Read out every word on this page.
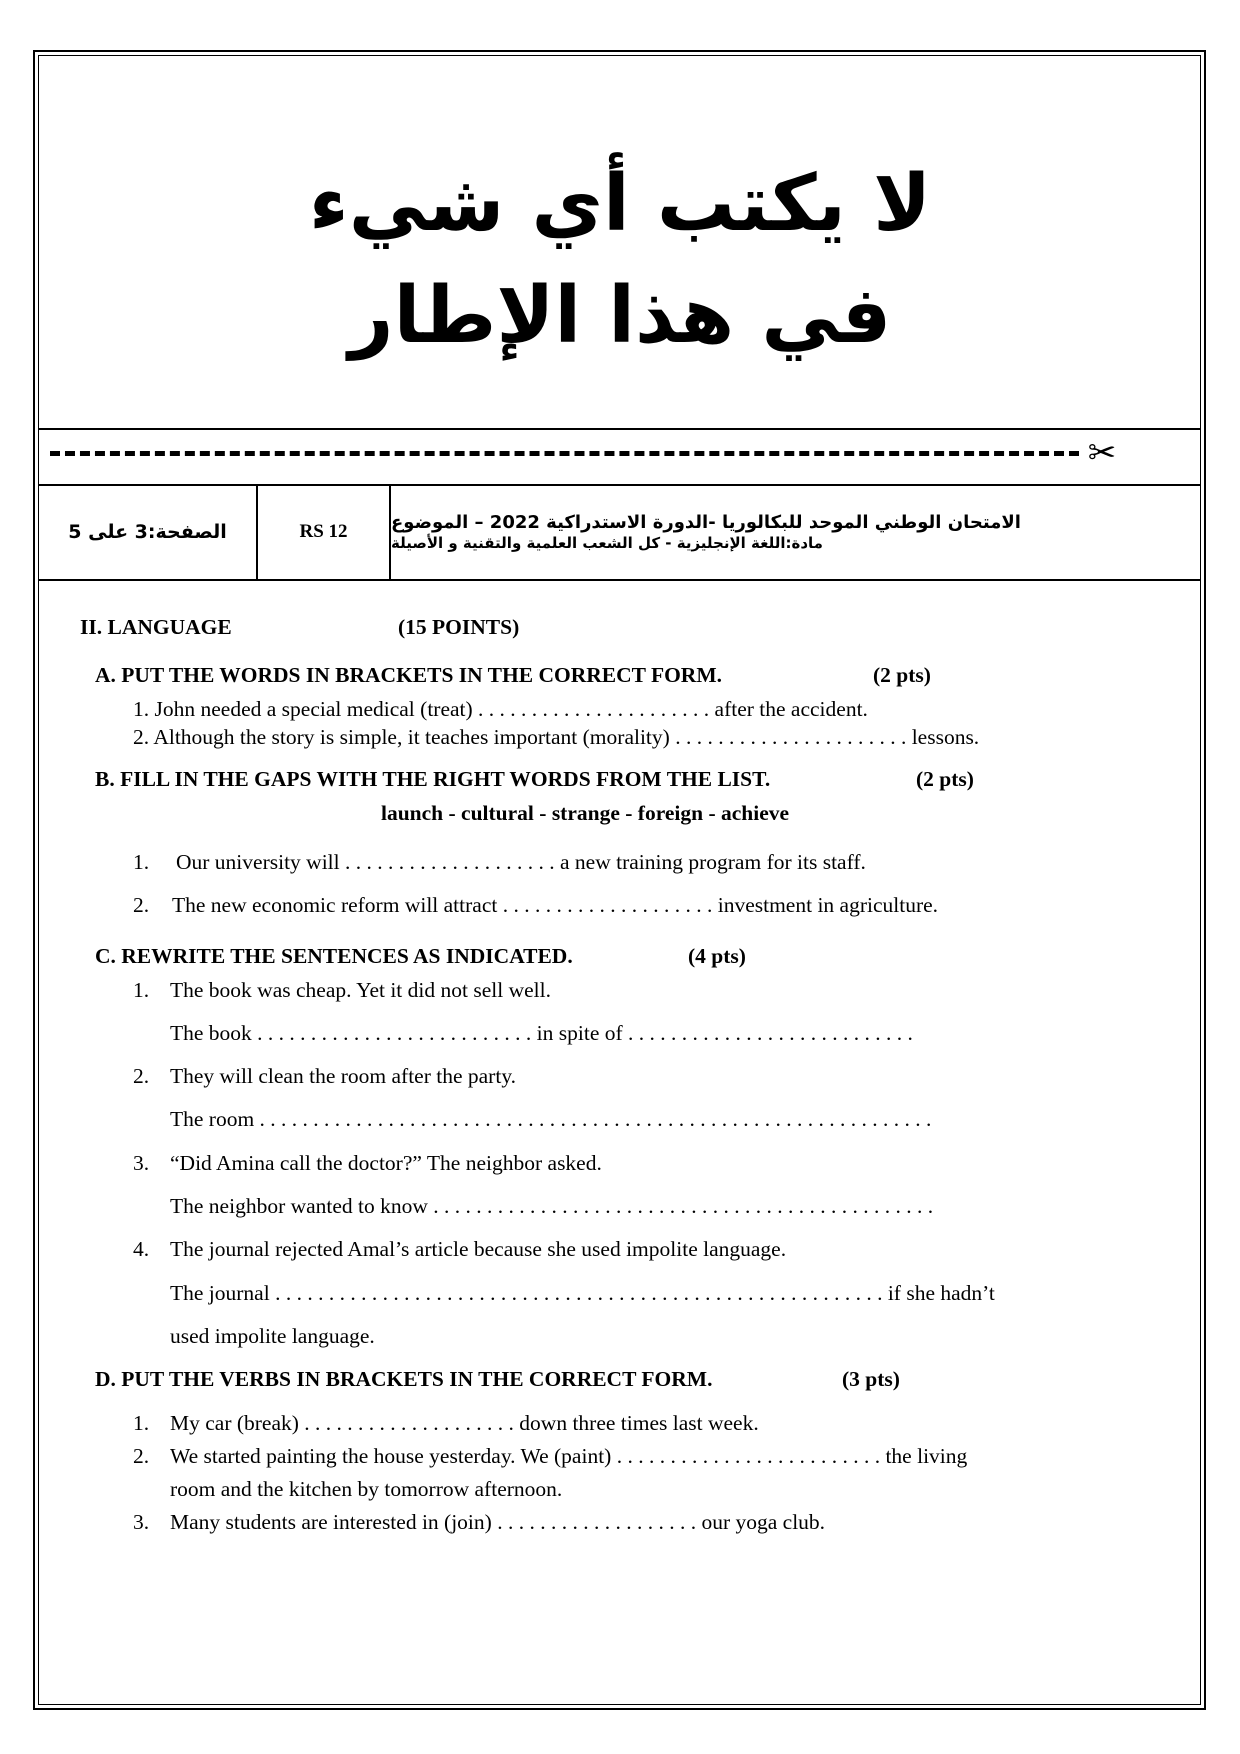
لا يكتب أي شيء
في هذا الإطار
✂
الصفحة:3 على 5	RS 12	الامتحان الوطني الموحد للبكالوريا -الدورة الاستدراكية 2022 – الموضوع
مادة:اللغة الإنجليزية - كل الشعب العلمية والتقنية و الأصيلة
II. LANGUAGE	(15 POINTS)
A. PUT THE WORDS IN BRACKETS IN THE CORRECT FORM.	(2 pts)
1. John needed a special medical (treat) . . . . . . . . . . . . . . . . . . . . . . after the accident.
2. Although the story is simple, it teaches important (morality) . . . . . . . . . . . . . . . . . . . . . . lessons.
B. FILL IN THE GAPS WITH THE RIGHT WORDS FROM THE LIST.	(2 pts)
launch - cultural - strange - foreign - achieve
1. Our university will . . . . . . . . . . . . . . . . . . . . a new training program for its staff.
2. The new economic reform will attract . . . . . . . . . . . . . . . . . . . . investment in agriculture.
C. REWRITE THE SENTENCES AS INDICATED.	(4 pts)
1. The book was cheap. Yet it did not sell well.
The book . . . . . . . . . . . . . . . . . . . . . . . . . . in spite of . . . . . . . . . . . . . . . . . . . . . . . . . . .
2. They will clean the room after the party.
The room . . . . . . . . . . . . . . . . . . . . . . . . . . . . . . . . . . . . . . . . . . . . . . . . . . . . . . . . . . . . . . .
3. “Did Amina call the doctor?” The neighbor asked.
The neighbor wanted to know . . . . . . . . . . . . . . . . . . . . . . . . . . . . . . . . . . . . . . . . . . . . . . .
4. The journal rejected Amal’s article because she used impolite language.
The journal . . . . . . . . . . . . . . . . . . . . . . . . . . . . . . . . . . . . . . . . . . . . . . . . . . . . . . . . . if she hadn’t
used impolite language.
D. PUT THE VERBS IN BRACKETS IN THE CORRECT FORM.	(3 pts)
1. My car (break) . . . . . . . . . . . . . . . . . . . . down three times last week.
2. We started painting the house yesterday. We (paint) . . . . . . . . . . . . . . . . . . . . . . . . . the living
room and the kitchen by tomorrow afternoon.
3. Many students are interested in (join) . . . . . . . . . . . . . . . . . . . our yoga club.
